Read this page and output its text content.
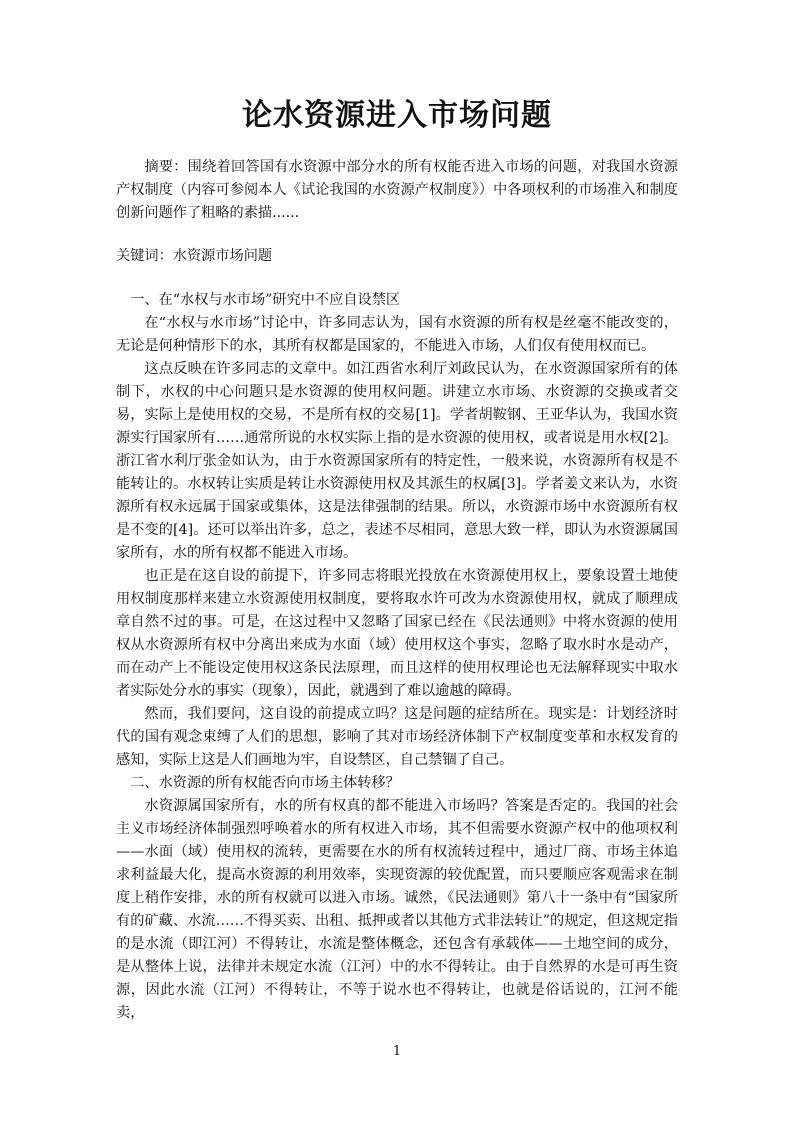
论水资源进入市场问题

摘要：围绕着回答国有水资源中部分水的所有权能否进入市场的问题，对我国水资源产权制度（内容可参阅本人《试论我国的水资源产权制度》）中各项权利的市场准入和制度创新问题作了粗略的素描......

关键词：水资源市场问题

一、在“水权与水市场”研究中不应自设禁区

在“水权与水市场”讨论中，许多同志认为，国有水资源的所有权是丝毫不能改变的，无论是何种情形下的水，其所有权都是国家的，不能进入市场，人们仅有使用权而已。

这点反映在许多同志的文章中。如江西省水利厅刘政民认为，在水资源国家所有的体制下，水权的中心问题只是水资源的使用权问题。讲建立水市场、水资源的交换或者交易，实际上是使用权的交易，不是所有权的交易[1]。学者胡鞍钢、王亚华认为，我国水资源实行国家所有……通常所说的水权实际上指的是水资源的使用权，或者说是用水权[2]。浙江省水利厅张金如认为，由于水资源国家所有的特定性，一般来说，水资源所有权是不能转让的。水权转让实质是转让水资源使用权及其派生的权属[3]。学者姜文来认为，水资源所有权永远属于国家或集体，这是法律强制的结果。所以，水资源市场中水资源所有权是不变的[4]。还可以举出许多，总之，表述不尽相同，意思大致一样，即认为水资源属国家所有，水的所有权都不能进入市场。

也正是在这自设的前提下，许多同志将眼光投放在水资源使用权上，要象设置土地使用权制度那样来建立水资源使用权制度，要将取水许可改为水资源使用权，就成了顺理成章自然不过的事。可是，在这过程中又忽略了国家已经在《民法通则》中将水资源的使用权从水资源所有权中分离出来成为水面（域）使用权这个事实，忽略了取水时水是动产，而在动产上不能设定使用权这条民法原理，而且这样的使用权理论也无法解释现实中取水者实际处分水的事实（现象），因此，就遇到了难以逾越的障碍。

然而，我们要问，这自设的前提成立吗？这是问题的症结所在。现实是：计划经济时代的国有观念束缚了人们的思想，影响了其对市场经济体制下产权制度变革和水权发育的感知，实际上这是人们画地为牢，自设禁区，自己禁锢了自己。

二、水资源的所有权能否向市场主体转移？

水资源属国家所有，水的所有权真的都不能进入市场吗？答案是否定的。我国的社会主义市场经济体制强烈呼唤着水的所有权进入市场，其不但需要水资源产权中的他项权利——水面（域）使用权的流转，更需要在水的所有权流转过程中，通过厂商、市场主体追求利益最大化，提高水资源的利用效率，实现资源的较优配置，而只要顺应客观需求在制度上稍作安排，水的所有权就可以进入市场。诚然，《民法通则》第八十一条中有“国家所有的矿藏、水流……不得买卖、出租、抵押或者以其他方式非法转让”的规定，但这规定指的是水流（即江河）不得转让，水流是整体概念，还包含有承载体——土地空间的成分，是从整体上说，法律并未规定水流（江河）中的水不得转让。由于自然界的水是可再生资源，因此水流（江河）不得转让，不等于说水也不得转让，也就是俗话说的，江河不能卖，

1
